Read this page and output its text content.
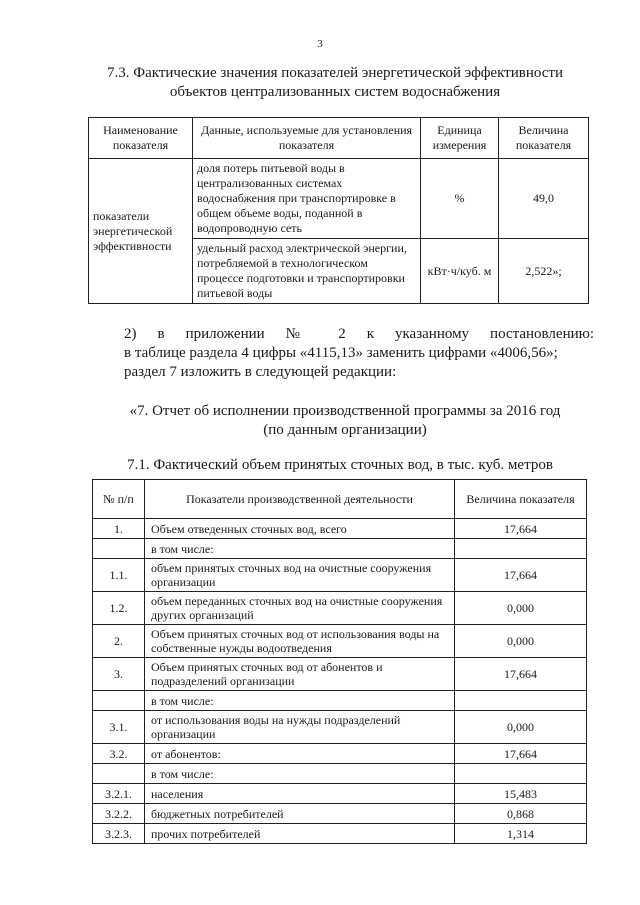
3
7.3. Фактические значения показателей энергетической эффективности
объектов централизованных систем водоснабжения
Наименование показателя	Данные, используемые для установления показателя	Единица измерения	Величина показателя
показатели энергетической эффективности	доля потерь питьевой воды в централизованных системах водоснабжения при транспортировке в общем объеме воды, поданной в водопроводную сеть	%	49,0
	удельный расход электрической энергии, потребляемой в технологическом процессе подготовки и транспортировки питьевой воды	кВт·ч/куб. м	2,522»;
2) в приложении № 2 к указанному постановлению:
в таблице раздела 4 цифры «4115,13» заменить цифрами «4006,56»;
раздел 7 изложить в следующей редакции:
«7. Отчет об исполнении производственной программы за 2016 год
(по данным организации)
7.1. Фактический объем принятых сточных вод, в тыс. куб. метров
№ п/п	Показатели производственной деятельности	Величина показателя
1.	Объем отведенных сточных вод, всего	17,664
	в том числе:	
1.1.	объем принятых сточных вод на очистные сооружения организации	17,664
1.2.	объем переданных сточных вод на очистные сооружения других организаций	0,000
2.	Объем принятых сточных вод от использования воды на собственные нужды водоотведения	0,000
3.	Объем принятых сточных вод от абонентов и подразделений организации	17,664
	в том числе:	
3.1.	от использования воды на нужды подразделений организации	0,000
3.2.	от абонентов:	17,664
	в том числе:	
3.2.1.	населения	15,483
3.2.2.	бюджетных потребителей	0,868
3.2.3.	прочих потребителей	1,314
